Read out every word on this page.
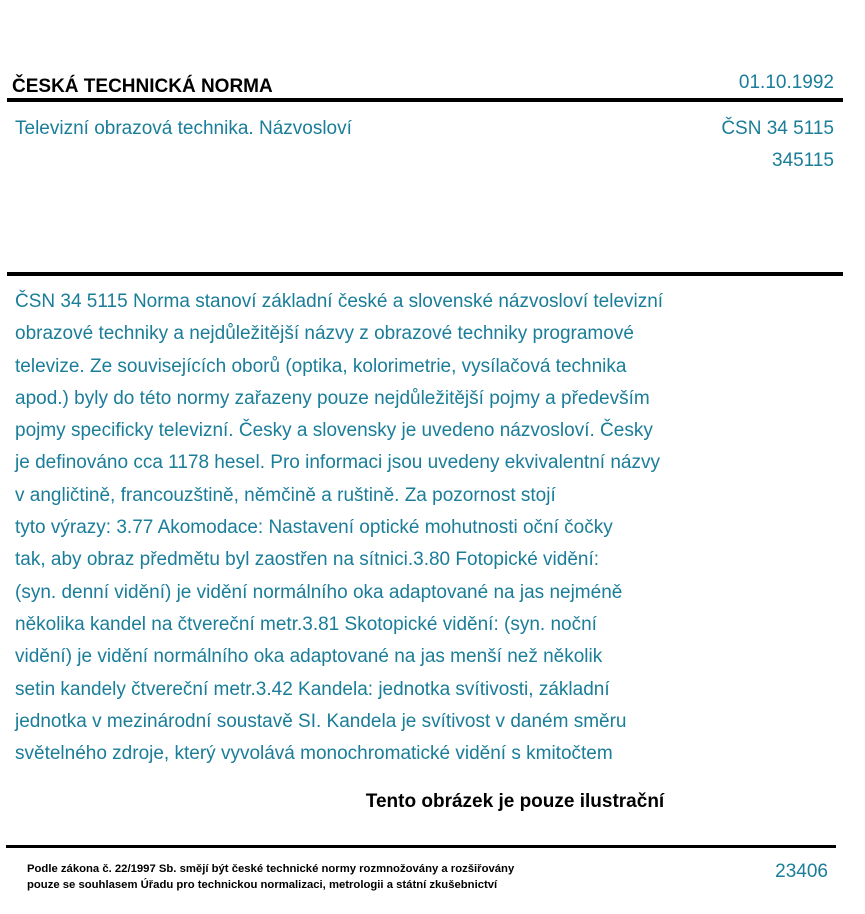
ČESKÁ TECHNICKÁ NORMA	01.10.1992
Televizní obrazová technika. Názvosloví	ČSN 34 5115
345115
ČSN 34 5115 Norma stanoví základní české a slovenské názvosloví televizní
obrazové techniky a nejdůležitější názvy z obrazové techniky programové
televize. Ze souvisejících oborů (optika, kolorimetrie, vysílačová technika
apod.) byly do této normy zařazeny pouze nejdůležitější pojmy a především
pojmy specificky televizní. Česky a slovensky je uvedeno názvosloví. Česky
je definováno cca 1178 hesel. Pro informaci jsou uvedeny ekvivalentní názvy
v angličtině, francouzštině, němčině a ruštině. Za pozornost stojí
tyto výrazy: 3.77 Akomodace: Nastavení optické mohutnosti oční čočky
tak, aby obraz předmětu byl zaostřen na sítnici.3.80 Fotopické vidění:
(syn. denní vidění) je vidění normálního oka adaptované na jas nejméně
několika kandel na čtvereční metr.3.81 Skotopické vidění: (syn. noční
vidění) je vidění normálního oka adaptované na jas menší než několik
setin kandely čtvereční metr.3.42 Kandela: jednotka svítivosti, základní
jednotka v mezinárodní soustavě SI. Kandela je svítivost v daném směru
světelného zdroje, který vyvolává monochromatické vidění s kmitočtem
Tento obrázek je pouze ilustrační
Podle zákona č. 22/1997 Sb. smějí být české technické normy rozmnožovány a rozšiřovány
pouze se souhlasem Úřadu pro technickou normalizaci, metrologii a státní zkušebnictví
23406
